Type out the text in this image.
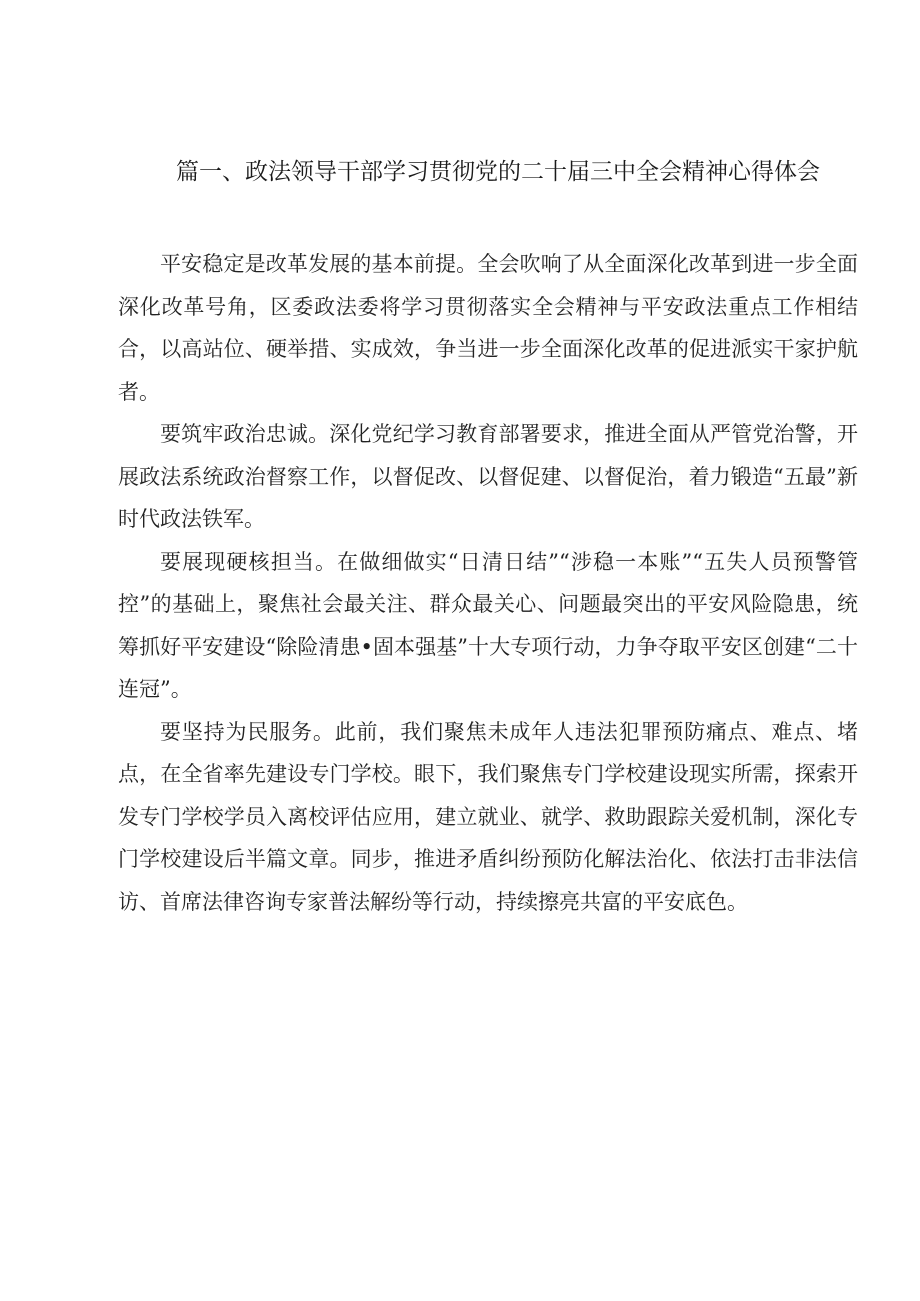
篇一、政法领导干部学习贯彻党的二十届三中全会精神心得体会

平安稳定是改革发展的基本前提。全会吹响了从全面深化改革到进一步全面深化改革号角，区委政法委将学习贯彻落实全会精神与平安政法重点工作相结合，以高站位、硬举措、实成效，争当进一步全面深化改革的促进派实干家护航者。

要筑牢政治忠诚。深化党纪学习教育部署要求，推进全面从严管党治警，开展政法系统政治督察工作，以督促改、以督促建、以督促治，着力锻造“五最”新时代政法铁军。

要展现硬核担当。在做细做实“日清日结”“涉稳一本账”“五失人员预警管控”的基础上，聚焦社会最关注、群众最关心、问题最突出的平安风险隐患，统筹抓好平安建设“除险清患•固本强基”十大专项行动，力争夺取平安区创建“二十连冠”。

要坚持为民服务。此前，我们聚焦未成年人违法犯罪预防痛点、难点、堵点，在全省率先建设专门学校。眼下，我们聚焦专门学校建设现实所需，探索开发专门学校学员入离校评估应用，建立就业、就学、救助跟踪关爱机制，深化专门学校建设后半篇文章。同步，推进矛盾纠纷预防化解法治化、依法打击非法信访、首席法律咨询专家普法解纷等行动，持续擦亮共富的平安底色。
